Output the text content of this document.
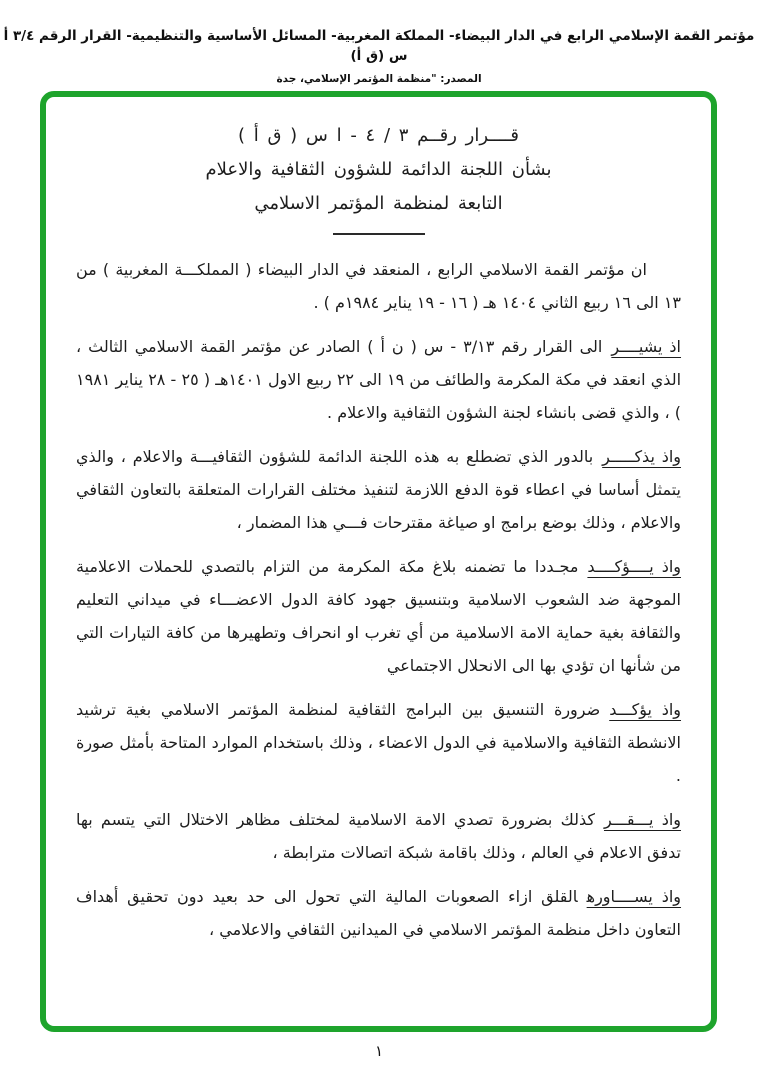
مؤتمر القمة الإسلامي الرابع في الدار البيضاء- المملكة المغربية- المسائل الأساسية والتنظيمية- القرار الرقم ٣/٤ أ س (ق أ)
المصدر: "منظمة المؤتمر الإسلامي، جدة
قــــرار رقــم ٣ / ٤ - ا س ( ق أ )
بشأن اللجنة الدائمة للشؤون الثقافية والاعلام
التابعة لمنظمة المؤتمر الاسلامي

ان مؤتمر القمة الاسلامي الرابع ، المنعقد في الدار البيضاء ( المملكـــة المغربية ) من ١٣ الى ١٦ ربيع الثاني ١٤٠٤ هـ ( ١٦ - ١٩ يناير ١٩٨٤م ) .

اذ يشيــــرالى القرار رقم ٣/١٣ - س ( ن أ ) الصادر عن مؤتمر القمة الاسلامي الثالث ، الذي انعقد في مكة المكرمة والطائف من ١٩ الى ٢٢ ربيع الاول ١٤٠١هـ ( ٢٥ - ٢٨ يناير ١٩٨١ ) ، والذي قضى بانشاء لجنة الشؤون الثقافية والاعلام .

واذ يذكـــــربالدور الذي تضطلع به هذه اللجنة الدائمة للشؤون الثقافيـــة والاعلام ، والذي يتمثل أساسا في اعطاء قوة الدفع اللازمة لتنفيذ مختلف القرارات المتعلقة بالتعاون الثقافي والاعلام ، وذلك بوضع برامج او صياغة مقترحات فـــي هذا المضمار ،

واذ يــــؤكــــدمجـددا ما تضمنه بلاغ مكة المكرمة من التزام بالتصدي للحملات الاعلامية الموجهة ضد الشعوب الاسلامية وبتنسيق جهود كافة الدول الاعضـــاء في ميداني التعليم والثقافة بغية حماية الامة الاسلامية من أي تغرب او انحراف وتطهيرها من كافة التيارات التي من شأنها ان تؤدي بها الى الانحلال الاجتماعي

واذ يؤكـــدضرورة التنسيق بين البرامج الثقافية لمنظمة المؤتمر الاسلامي بغية ترشيد الانشطة الثقافية والاسلامية في الدول الاعضاء ، وذلك باستخدام الموارد المتاحة بأمثل صورة .

واذ يـــقـــركذلك بضرورة تصدي الامة الاسلامية لمختلف مظاهر الاختلال التي يتسم بها تدفق الاعلام في العالم ، وذلك باقامة شبكة اتصالات مترابطة ،

واذ يســــاورهالقلق ازاء الصعوبات المالية التي تحول الى حد بعيد دون تحقيق أهداف التعاون داخل منظمة المؤتمر الاسلامي في الميدانين الثقافي والاعلامي ،

١
